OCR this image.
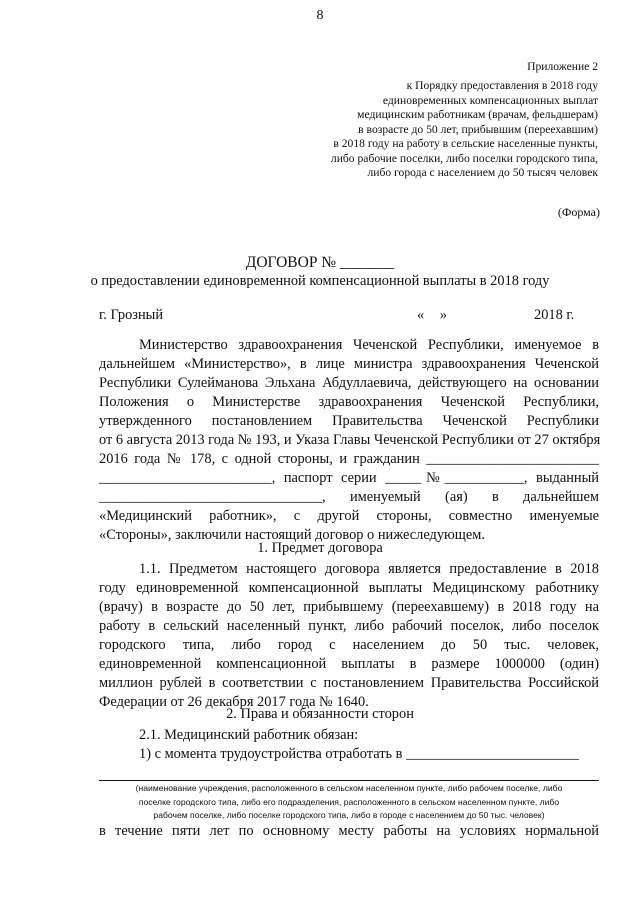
8
Приложение 2
к Порядку предоставления в 2018 году
единовременных компенсационных выплат
медицинским работникам (врачам, фельдшерам)
в возрасте до 50 лет, прибывшим (переехавшим)
в 2018 году на работу в сельские населенные пункты,
либо рабочие поселки, либо поселки городского типа,
либо города с населением до 50 тысяч человек
(Форма)
ДОГОВОР № _______
о предоставлении единовременной компенсационной выплаты в 2018 году
г. Грозный	« »	2018 г.
Министерство здравоохранения Чеченской Республики, именуемое в
дальнейшем «Министерство», в лице министра здравоохранения Чеченской
Республики Сулейманова Эльхана Абдуллаевича, действующего на основании
Положения о Министерстве здравоохранения Чеченской Республики,
утвержденного постановлением Правительства Чеченской Республики
от 6 августа 2013 года № 193, и Указа Главы Чеченской Республики от 27 октября
2016 года № 178, с одной стороны, и гражданин ________________________
________________________, паспорт серии _____№___________, выданный
_______________________________, именуемый (ая) в дальнейшем
«Медицинский работник», с другой стороны, совместно именуемые
«Стороны», заключили настоящий договор о нижеследующем.
1. Предмет договора
1.1. Предметом настоящего договора является предоставление в 2018
году единовременной компенсационной выплаты Медицинскому работнику
(врачу) в возрасте до 50 лет, прибывшему (переехавшему) в 2018 году на
работу в сельский населенный пункт, либо рабочий поселок, либо поселок
городского типа, либо город с населением до 50 тыс. человек,
единовременной компенсационной выплаты в размере 1000000 (один)
миллион рублей в соответствии с постановлением Правительства Российской
Федерации от 26 декабря 2017 года № 1640.
2. Права и обязанности сторон
2.1. Медицинский работник обязан:
1) с момента трудоустройства отработать в ________________________
(наименование учреждения, расположенного в сельском населенном пункте, либо рабочем поселке, либо
поселке городского типа, либо его подразделения, расположенного в сельском населенном пункте, либо
рабочем поселке, либо поселке городского типа, либо в городе с населением до 50 тыс. человек)
в течение пяти лет по основному месту работы на условиях нормальной
